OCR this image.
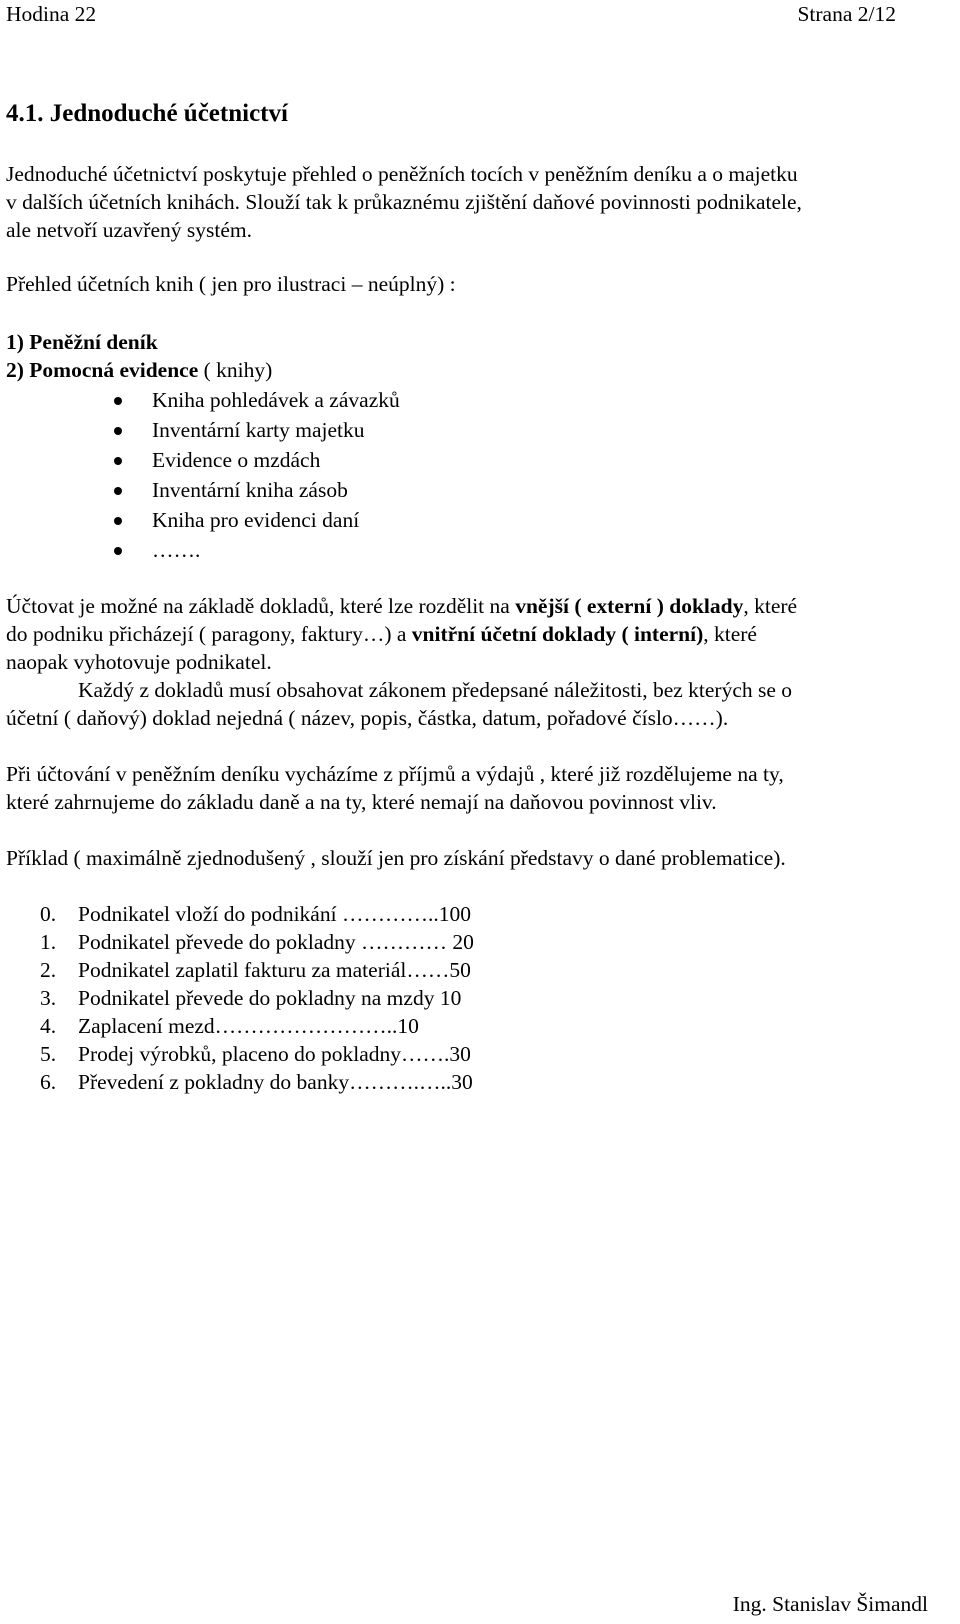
Hodina 22	Strana 2/12
4.1. Jednoduché účetnictví
Jednoduché účetnictví poskytuje přehled o peněžních tocích v peněžním deníku a o majetku
v dalších účetních knihách. Slouží tak k průkaznému zjištění daňové povinnosti podnikatele,
ale netvoří uzavřený systém.
Přehled účetních knih ( jen pro ilustraci – neúplný) :
1) Peněžní deník
2) Pomocná evidence ( knihy)
Kniha pohledávek a závazků
Inventární karty majetku
Evidence o mzdách
Inventární kniha zásob
Kniha pro evidenci daní
…….
Účtovat je možné na základě dokladů, které lze rozdělit na vnější ( externí ) doklady, které
do podniku přicházejí ( paragony, faktury…) a vnitřní účetní doklady ( interní), které
naopak vyhotovuje podnikatel.
Každý z dokladů musí obsahovat zákonem předepsané náležitosti, bez kterých se o
účetní ( daňový) doklad nejedná ( název, popis, částka, datum, pořadové číslo……).
Při účtování v peněžním deníku vycházíme z příjmů a výdajů , které již rozdělujeme na ty,
které zahrnujeme do základu daně a na ty, které nemají na daňovou povinnost vliv.
Příklad ( maximálně zjednodušený , slouží jen pro získání představy o dané problematice).
0. Podnikatel vloží do podnikání …………..100
1. Podnikatel převede do pokladny ………… 20
2. Podnikatel zaplatil fakturu za materiál……50
3. Podnikatel převede do pokladny na mzdy 10
4. Zaplacení mezd……………………..10
5. Prodej výrobků, placeno do pokladny…….30
6. Převedení z pokladny do banky……….…..30
Ing. Stanislav Šimandl
